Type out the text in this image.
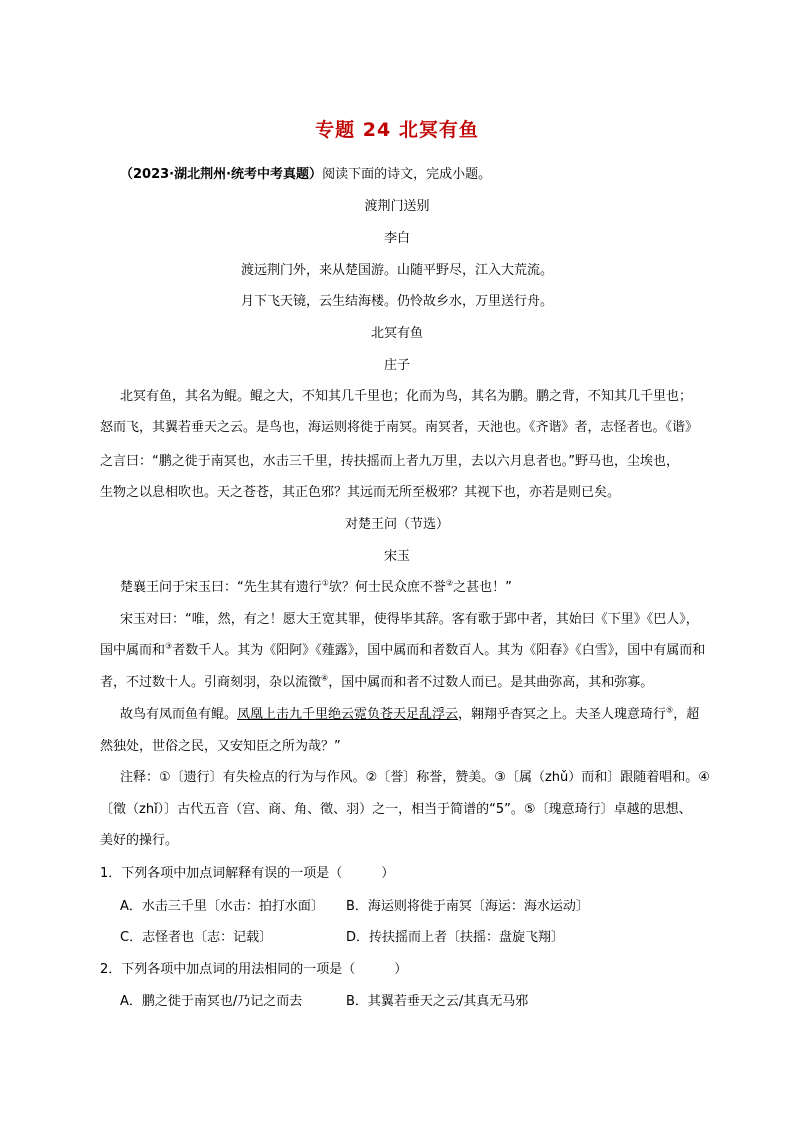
专题 24 北冥有鱼
（2023·湖北荆州·统考中考真题）阅读下面的诗文，完成小题。
渡荆门送别
李白
渡远荆门外，来从楚国游。山随平野尽，江入大荒流。
月下飞天镜，云生结海楼。仍怜故乡水，万里送行舟。
北冥有鱼
庄子
北冥有鱼，其名为鲲。鲲之大，不知其几千里也；化而为鸟，其名为鹏。鹏之背，不知其几千里也；
怒而飞，其翼若垂天之云。是鸟也，海运则将徙于南冥。南冥者，天池也。《齐谐》者，志怪者也。《谐》
之言曰：“鹏之徙于南冥也，水击三千里，抟扶摇而上者九万里，去以六月息者也。”野马也，尘埃也，
生物之以息相吹也。天之苍苍，其正色邪？其远而无所至极邪？其视下也，亦若是则已矣。
对楚王问（节选）
宋玉
楚襄王问于宋玉曰：“先生其有遗行①欤？何士民众庶不誉②之甚也！”
宋玉对曰：“唯，然，有之！愿大王宽其罪，使得毕其辞。客有歌于郢中者，其始曰《下里》《巴人》，
国中属而和③者数千人。其为《阳阿》《薤露》，国中属而和者数百人。其为《阳春》《白雪》，国中有属而和
者，不过数十人。引商刻羽，杂以流徵④，国中属而和者不过数人而已。是其曲弥高，其和弥寡。
故鸟有凤而鱼有鲲。凤凰上击九千里绝云霓负苍天足乱浮云，翱翔乎杳冥之上。夫圣人瑰意琦行⑤，超
然独处，世俗之民，又安知臣之所为哉？”
注释：①〔遗行〕有失检点的行为与作风。②〔誉〕称誉，赞美。③〔属（zhǔ）而和〕跟随着唱和。④
〔徵（zhǐ）〕古代五音（宫、商、角、徵、羽）之一，相当于简谱的“5”。⑤〔瑰意琦行〕卓越的思想、
美好的操行。
1．下列各项中加点词解释有误的一项是（　　　）
A．水击三千里〔水击：拍打水面〕 B．海运则将徙于南冥〔海运：海水运动〕
C．志怪者也〔志：记载〕	D．抟扶摇而上者〔扶摇：盘旋飞翔〕
2．下列各项中加点词的用法相同的一项是（　　　）
A．鹏之徙于南冥也/乃记之而去	B．其翼若垂天之云/其真无马邪
